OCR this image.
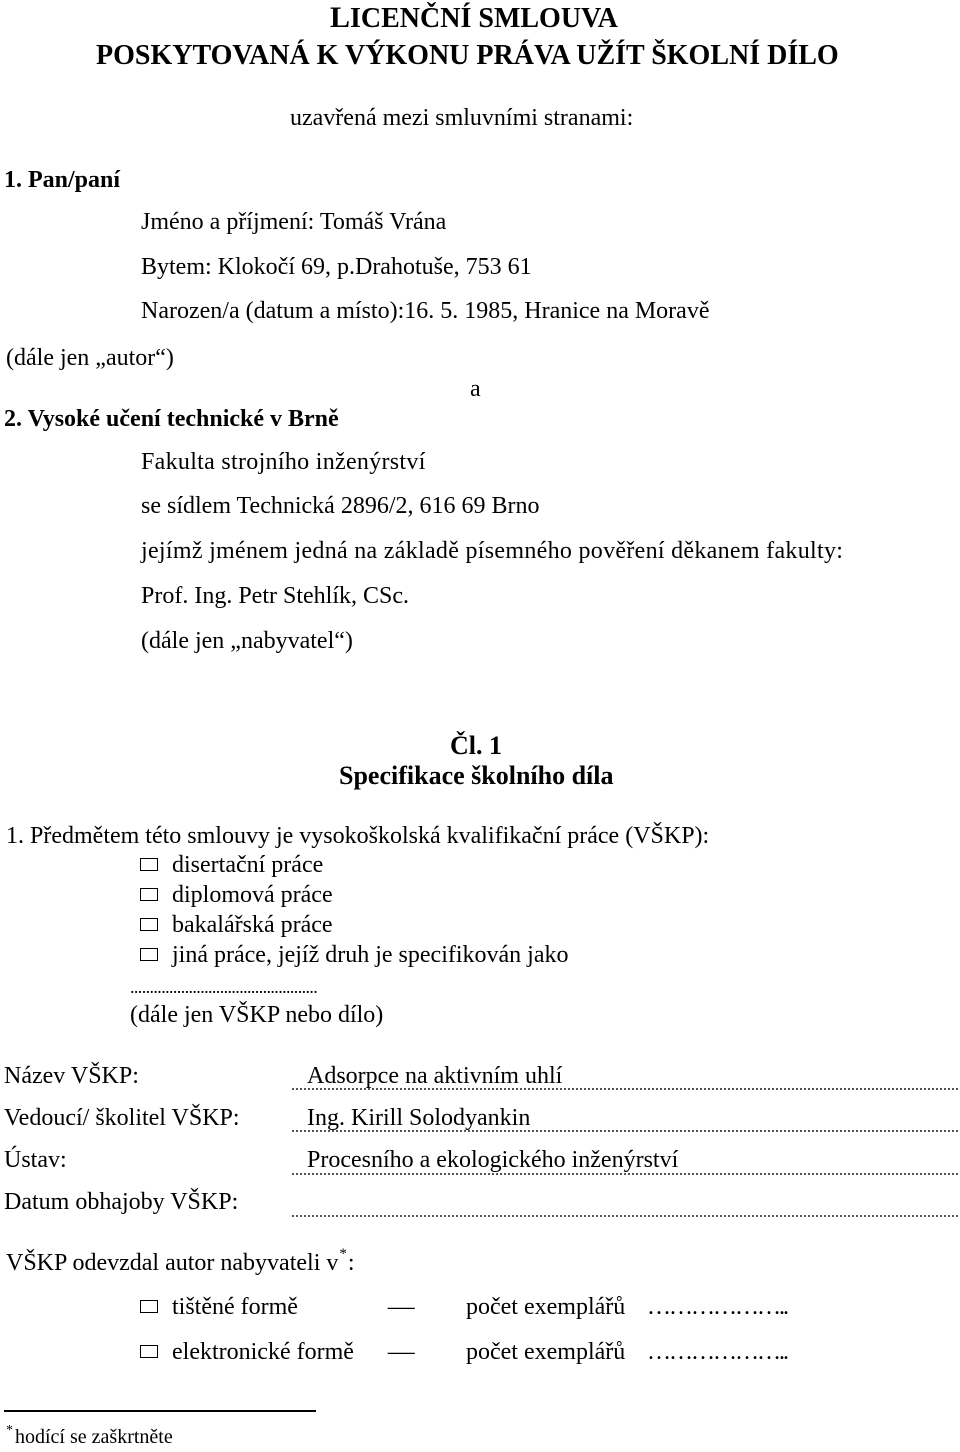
LICENČNÍ SMLOUVA
POSKYTOVANÁ K VÝKONU PRÁVA UŽÍT ŠKOLNÍ DÍLO
uzavřená mezi smluvními stranami:
1. Pan/paní
Jméno a příjmení: Tomáš Vrána
Bytem: Klokočí 69, p.Drahotuše, 753 61
Narozen/a (datum a místo):16. 5. 1985, Hranice na Moravě
(dále jen „autor“)
a
2. Vysoké učení technické v Brně
Fakulta strojního inženýrství
se sídlem Technická 2896/2, 616 69 Brno
jejímž jménem jedná na základě písemného pověření děkanem fakulty:
Prof. Ing. Petr Stehlík, CSc.
(dále jen „nabyvatel“)
Čl. 1
Specifikace školního díla
1. Předmětem této smlouvy je vysokoškolská kvalifikační práce (VŠKP):
disertační práce
diplomová práce
bakalářská práce
jiná práce, jejíž druh je specifikován jako
................................................
(dále jen VŠKP nebo dílo)
Název VŠKP:	Adsorpce na aktivním uhlí
Vedoucí/ školitel VŠKP:	Ing. Kirill Solodyankin
Ústav:	Procesního a ekologického inženýrství
Datum obhajoby VŠKP:
VŠKP odevzdal autor nabyvateli v*:
tištěné formě	– počet exemplářů ………………..
elektronické formě – počet exemplářů ………………..
* hodící se zaškrtněte
